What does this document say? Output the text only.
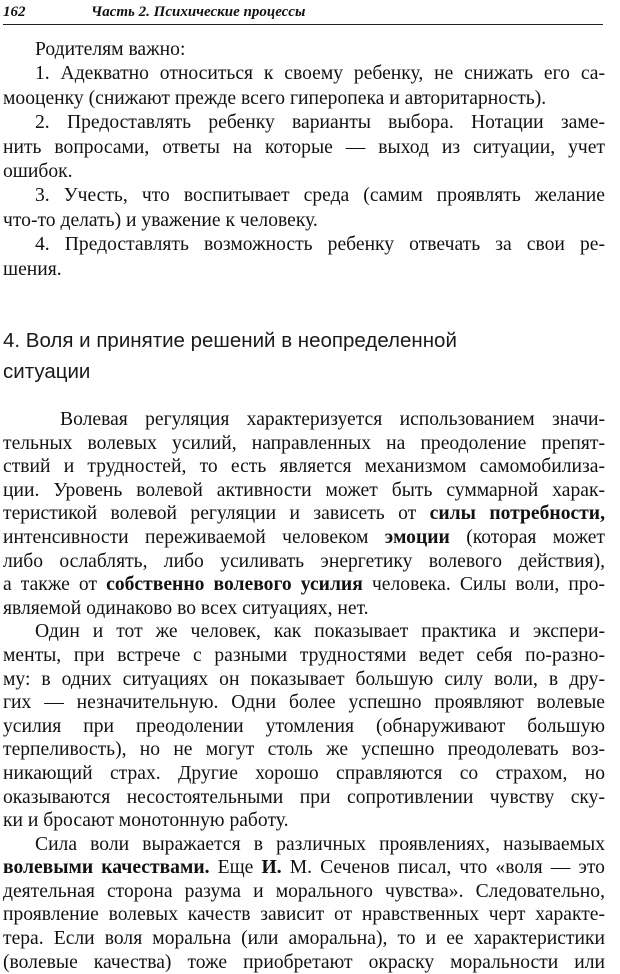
162	Часть 2. Психические процессы
Родителям важно:
1. Адекватно относиться к своему ребенку, не снижать его са-
мооценку (снижают прежде всего гиперопека и авторитарность).
2. Предоставлять ребенку варианты выбора. Нотации заме-
нить вопросами, ответы на которые — выход из ситуации, учет
ошибок.
3. Учесть, что воспитывает среда (самим проявлять желание
что-то делать) и уважение к человеку.
4. Предоставлять возможность ребенку отвечать за свои ре-
шения.
4. Воля и принятие решений в неопределенной
ситуации
Волевая регуляция характеризуется использованием значи-
тельных волевых усилий, направленных на преодоление препят-
ствий и трудностей, то есть является механизмом самомобилиза-
ции. Уровень волевой активности может быть суммарной харак-
теристикой волевой регуляции и зависеть от силы потребности,
интенсивности переживаемой человеком эмоции (которая может
либо ослаблять, либо усиливать энергетику волевого действия),
а также от собственно волевого усилия человека. Силы воли, про-
являемой одинаково во всех ситуациях, нет.
Один и тот же человек, как показывает практика и экспери-
менты, при встрече с разными трудностями ведет себя по-разно-
му: в одних ситуациях он показывает большую силу воли, в дру-
гих — незначительную. Одни более успешно проявляют волевые
усилия при преодолении утомления (обнаруживают большую
терпеливость), но не могут столь же успешно преодолевать воз-
никающий страх. Другие хорошо справляются со страхом, но
оказываются несостоятельными при сопротивлении чувству ску-
ки и бросают монотонную работу.
Сила воли выражается в различных проявлениях, называемых
волевыми качествами. Еще И. М. Сеченов писал, что «воля — это
деятельная сторона разума и морального чувства». Следовательно,
проявление волевых качеств зависит от нравственных черт характе-
тера. Если воля моральна (или аморальна), то и ее характеристики
(волевые качества) тоже приобретают окраску моральности или
